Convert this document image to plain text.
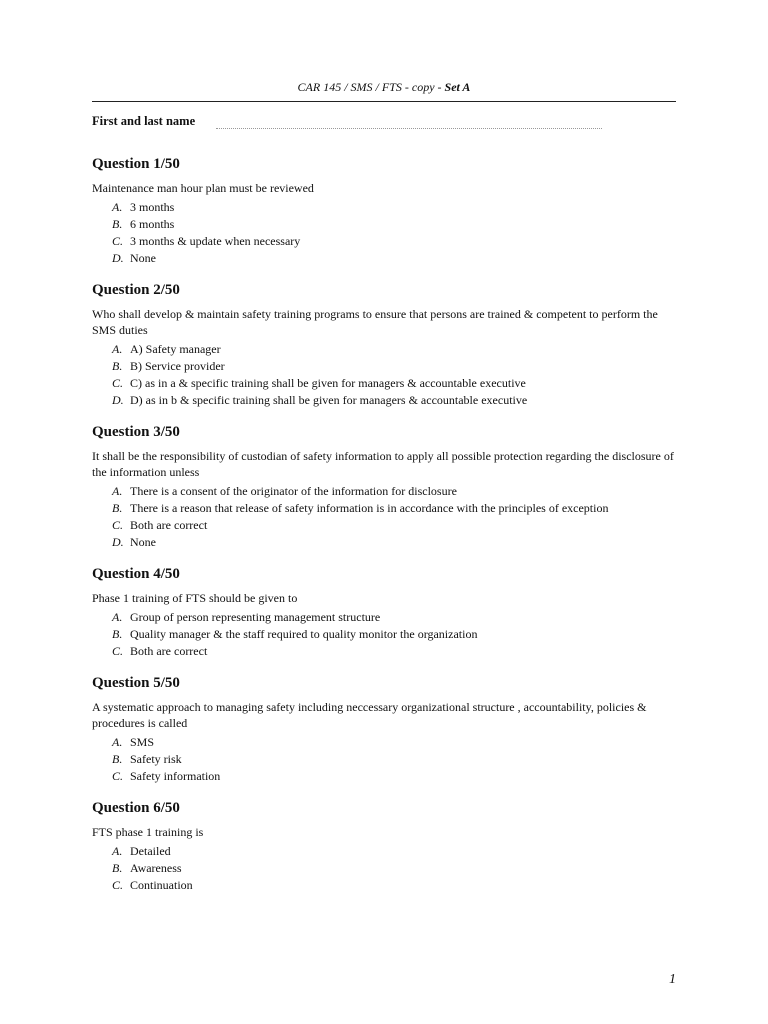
CAR 145 / SMS / FTS - copy - Set A
First and last name
Question 1/50
Maintenance man hour plan must be reviewed
A. 3 months
B. 6 months
C. 3 months & update when necessary
D. None
Question 2/50
Who shall develop & maintain safety training programs to ensure that persons are trained & competent to perform the SMS duties
A. A) Safety manager
B. B) Service provider
C. C) as in a & specific training shall be given for managers & accountable executive
D. D) as in b & specific training shall be given for managers & accountable executive
Question 3/50
It shall be the responsibility of custodian of safety information to apply all possible protection regarding the disclosure of the information unless
A. There is a consent of the originator of the information for disclosure
B. There is a reason that release of safety information is in accordance with the principles of exception
C. Both are correct
D. None
Question 4/50
Phase 1 training of FTS should be given to
A. Group of person representing management structure
B. Quality manager & the staff required to quality monitor the organization
C. Both are correct
Question 5/50
A systematic approach to managing safety including neccessary organizational structure , accountability, policies & procedures is called
A. SMS
B. Safety risk
C. Safety information
Question 6/50
FTS phase 1 training is
A. Detailed
B. Awareness
C. Continuation
1
